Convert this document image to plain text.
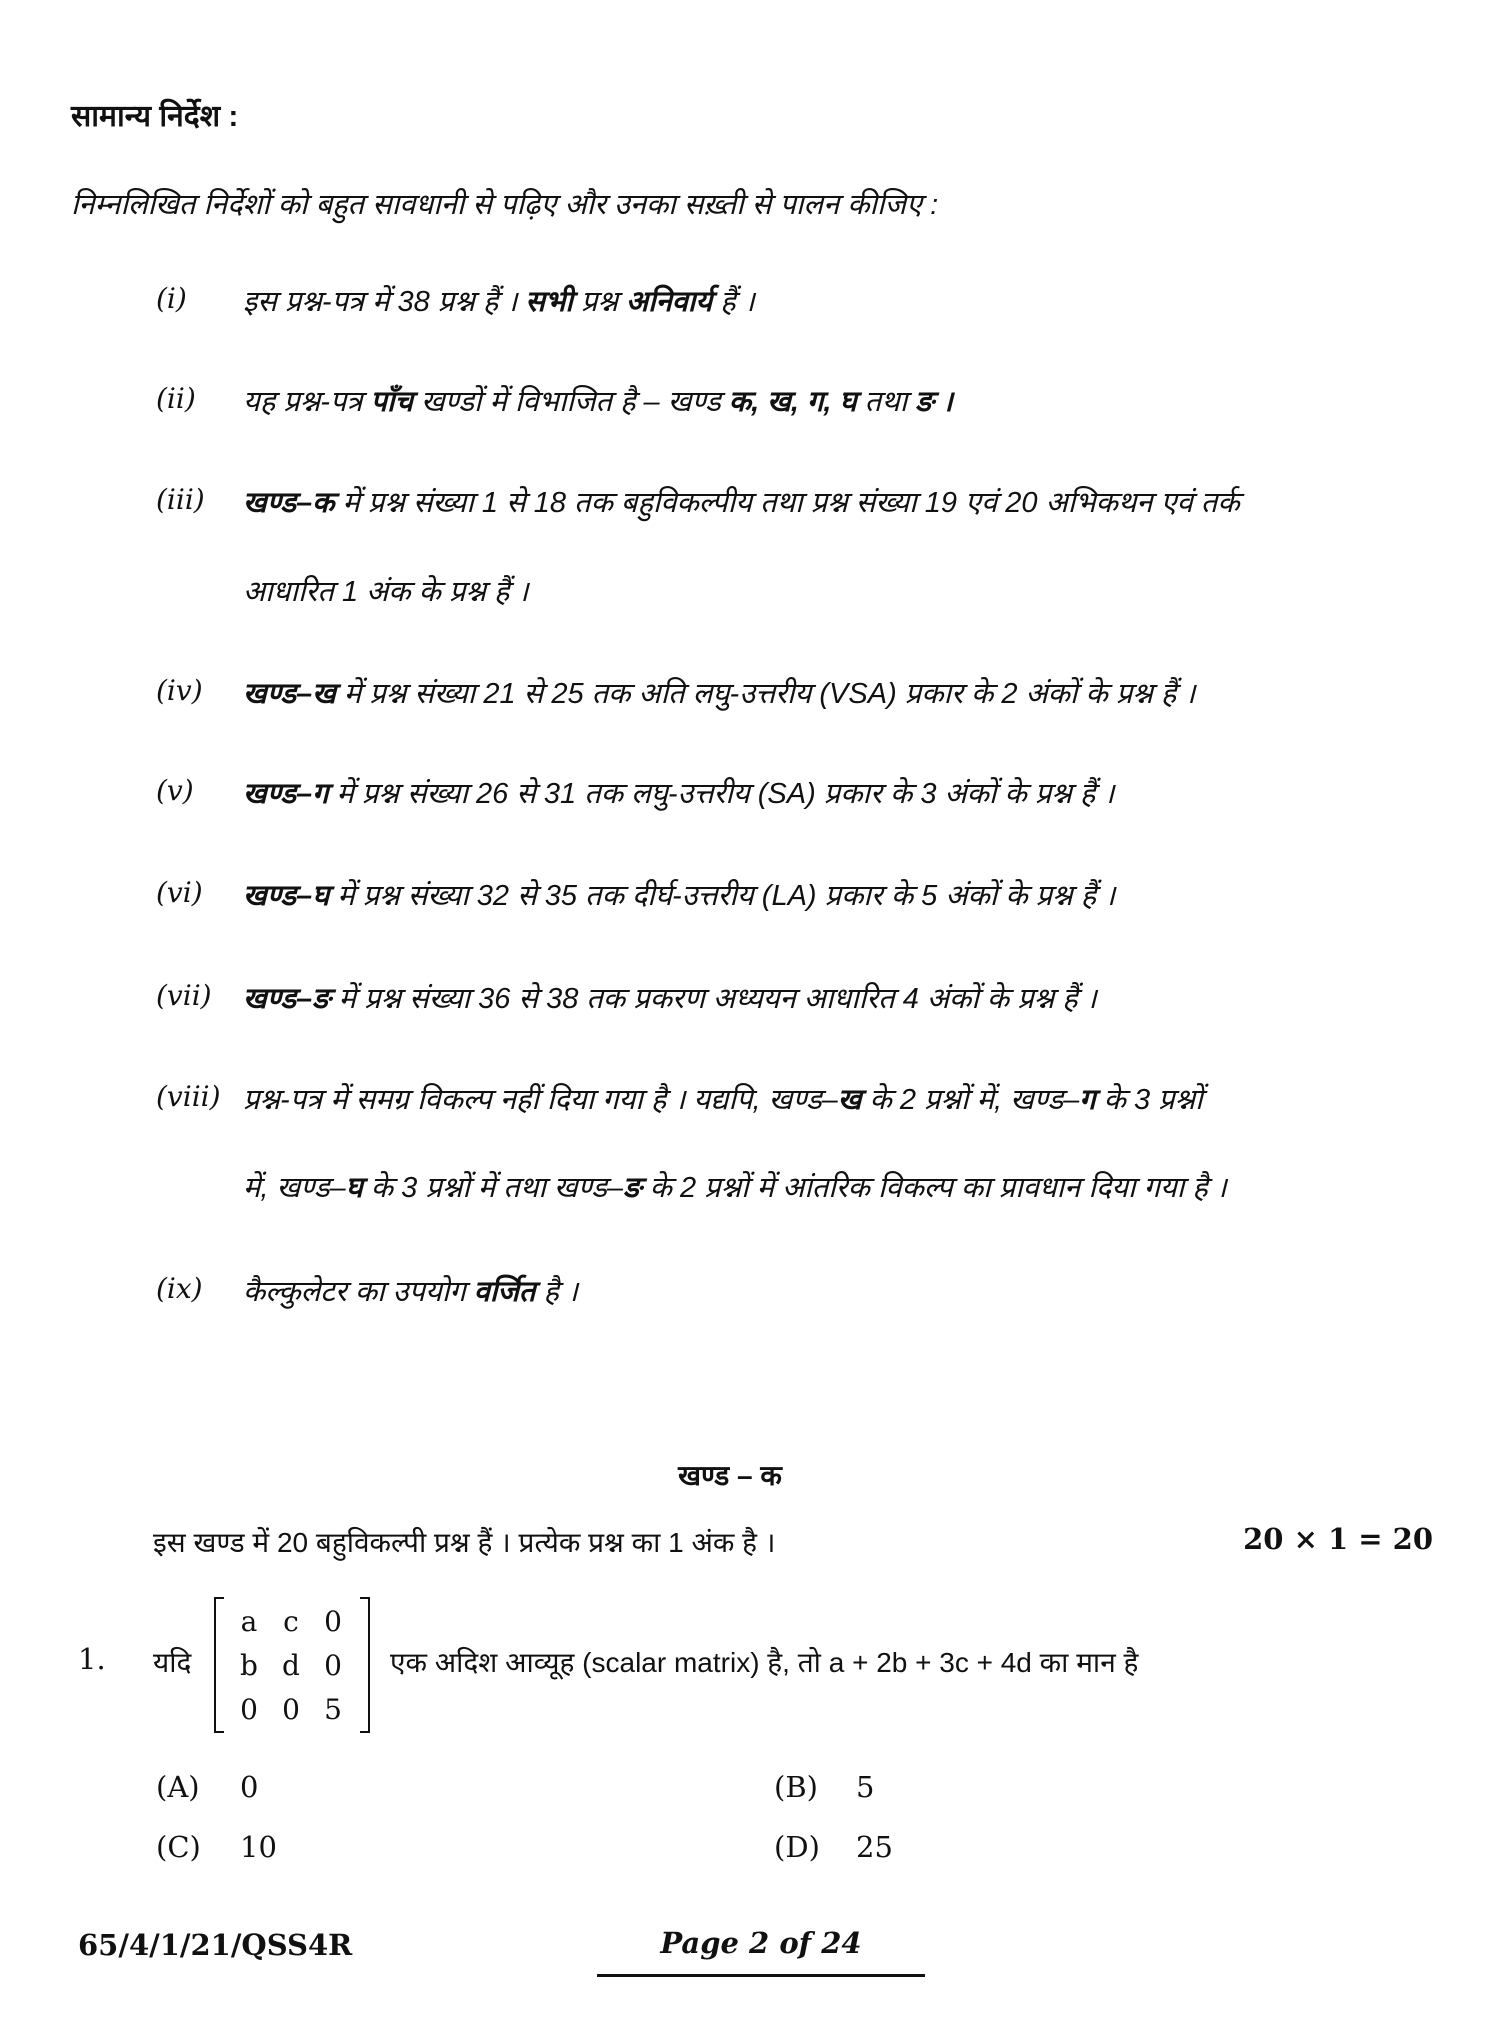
सामान्य निर्देश :
निम्नलिखित निर्देशों को बहुत सावधानी से पढ़िए और उनका सख़्ती से पालन कीजिए :
(i) इस प्रश्न-पत्र में 38 प्रश्न हैं । सभी प्रश्न अनिवार्य हैं ।
(ii) यह प्रश्न-पत्र पाँच खण्डों में विभाजित है – खण्ड क, ख, ग, घ तथा ङ ।
(iii) खण्ड–क में प्रश्न संख्या 1 से 18 तक बहुविकल्पीय तथा प्रश्न संख्या 19 एवं 20 अभिकथन एवं तर्क
आधारित 1 अंक के प्रश्न हैं ।
(iv) खण्ड–ख में प्रश्न संख्या 21 से 25 तक अति लघु-उत्तरीय (VSA) प्रकार के 2 अंकों के प्रश्न हैं ।
(v) खण्ड–ग में प्रश्न संख्या 26 से 31 तक लघु-उत्तरीय (SA) प्रकार के 3 अंकों के प्रश्न हैं ।
(vi) खण्ड–घ में प्रश्न संख्या 32 से 35 तक दीर्घ-उत्तरीय (LA) प्रकार के 5 अंकों के प्रश्न हैं ।
(vii) खण्ड–ङ में प्रश्न संख्या 36 से 38 तक प्रकरण अध्ययन आधारित 4 अंकों के प्रश्न हैं ।
(viii) प्रश्न-पत्र में समग्र विकल्प नहीं दिया गया है । यद्यपि, खण्ड–ख के 2 प्रश्नों में, खण्ड–ग के 3 प्रश्नों
में, खण्ड–घ के 3 प्रश्नों में तथा खण्ड–ङ के 2 प्रश्नों में आंतरिक विकल्प का प्रावधान दिया गया है ।
(ix) कैल्कुलेटर का उपयोग वर्जित है ।
खण्ड – क
इस खण्ड में 20 बहुविकल्पी प्रश्न हैं । प्रत्येक प्रश्न का 1 अंक है ।	20 × 1 = 20
1. यदि
a	c	0
b	d	0
0	0	5
एक अदिश आव्यूह (scalar matrix) है, तो a + 2b + 3c + 4d का मान है
(A) 0	(B) 5
(C) 10	(D) 25
65/4/1/21/QSS4R	Page 2 of 24
